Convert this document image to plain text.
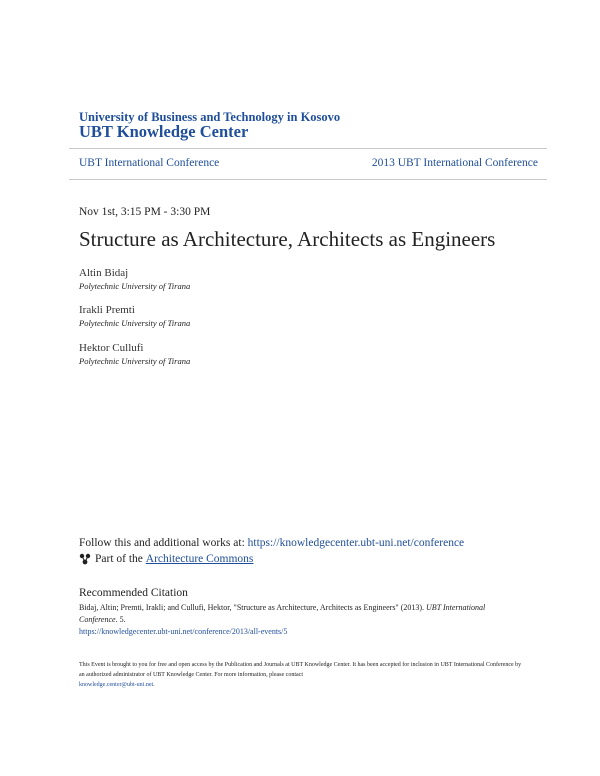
University of Business and Technology in Kosovo
UBT Knowledge Center
UBT International Conference	2013 UBT International Conference
Nov 1st, 3:15 PM - 3:30 PM
Structure as Architecture, Architects as Engineers
Altin Bidaj
Polytechnic University of Tirana
Irakli Premti
Polytechnic University of Tirana
Hektor Cullufi
Polytechnic University of Tirana
Follow this and additional works at: https://knowledgecenter.ubt-uni.net/conference
Part of the
Architecture Commons
Recommended Citation
Bidaj, Altin; Premti, Irakli; and Cullufi, Hektor, "Structure as Architecture, Architects as Engineers" (2013). UBT International Conference. 5.
https://knowledgecenter.ubt-uni.net/conference/2013/all-events/5
This Event is brought to you for free and open access by the Publication and Journals at UBT Knowledge Center. It has been accepted for inclusion in UBT International Conference by an authorized administrator of UBT Knowledge Center. For more information, please contact
knowledge.center@ubt-uni.net.
